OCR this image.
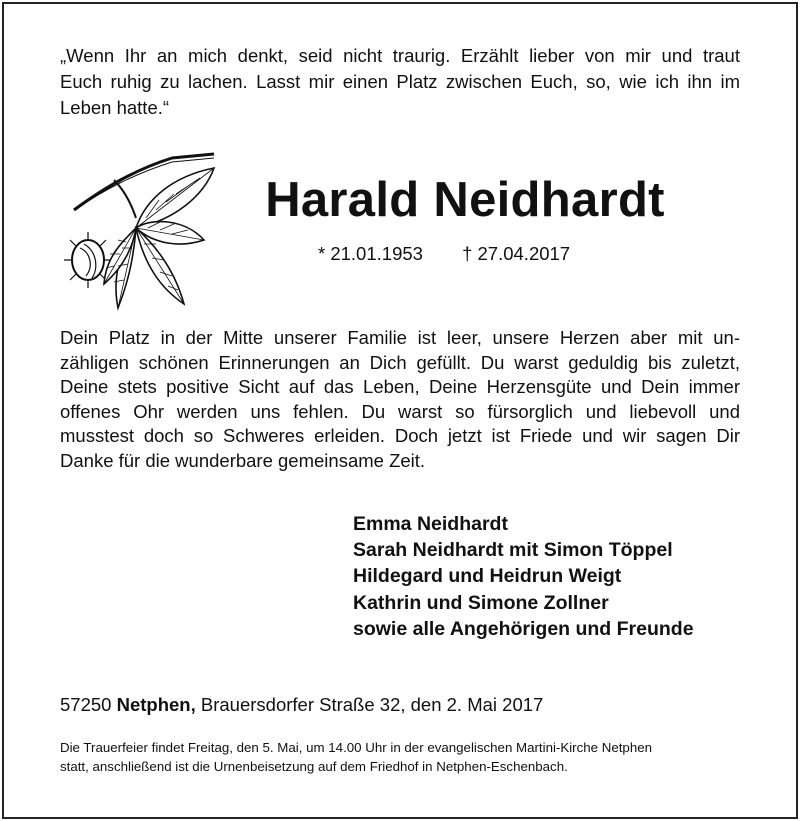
„Wenn Ihr an mich denkt, seid nicht traurig. Erzählt lieber von mir und traut
Euch ruhig zu lachen. Lasst mir einen Platz zwischen Euch, so, wie ich ihn im
Leben hatte.“
Harald Neidhardt
* 21.01.1953 † 27.04.2017
Dein Platz in der Mitte unserer Familie ist leer, unsere Herzen aber mit un-
zähligen schönen Erinnerungen an Dich gefüllt. Du warst geduldig bis zuletzt,
Deine stets positive Sicht auf das Leben, Deine Herzensgüte und Dein immer
offenes Ohr werden uns fehlen. Du warst so fürsorglich und liebevoll und
musstest doch so Schweres erleiden. Doch jetzt ist Friede und wir sagen Dir
Danke für die wunderbare gemeinsame Zeit.
Emma Neidhardt
Sarah Neidhardt mit Simon Töppel
Hildegard und Heidrun Weigt
Kathrin und Simone Zollner
sowie alle Angehörigen und Freunde
57250 Netphen, Brauersdorfer Straße 32, den 2. Mai 2017
Die Trauerfeier findet Freitag, den 5. Mai, um 14.00 Uhr in der evangelischen Martini-Kirche Netphen
statt, anschließend ist die Urnenbeisetzung auf dem Friedhof in Netphen-Eschenbach.
